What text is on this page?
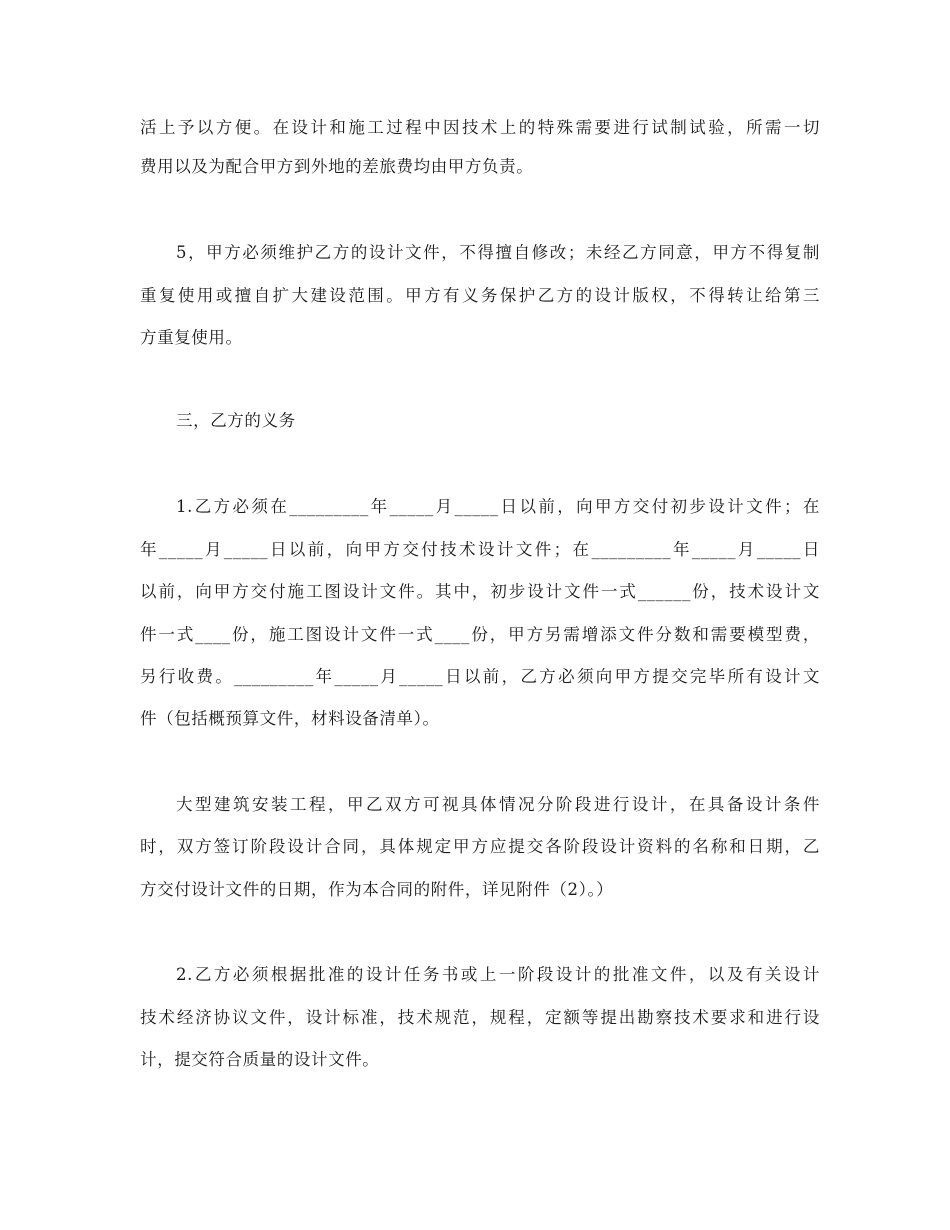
活上予以方便。在设计和施工过程中因技术上的特殊需要进行试制试验，所需一切
费用以及为配合甲方到外地的差旅费均由甲方负责。
5，甲方必须维护乙方的设计文件，不得擅自修改；未经乙方同意，甲方不得复制
重复使用或擅自扩大建设范围。甲方有义务保护乙方的设计版权，不得转让给第三
方重复使用。
三，乙方的义务
1.乙方必须在_________年_____月_____日以前，向甲方交付初步设计文件；在
年_____月_____日以前，向甲方交付技术设计文件；在_________年_____月_____日
以前，向甲方交付施工图设计文件。其中，初步设计文件一式______份，技术设计文
件一式____份，施工图设计文件一式____份，甲方另需增添文件分数和需要模型费，
另行收费。_________年_____月_____日以前，乙方必须向甲方提交完毕所有设计文
件（包括概预算文件，材料设备清单）。
大型建筑安装工程，甲乙双方可视具体情况分阶段进行设计，在具备设计条件
时，双方签订阶段设计合同，具体规定甲方应提交各阶段设计资料的名称和日期，乙
方交付设计文件的日期，作为本合同的附件，详见附件（2）。）
2.乙方必须根据批准的设计任务书或上一阶段设计的批准文件，以及有关设计
技术经济协议文件，设计标准，技术规范，规程，定额等提出勘察技术要求和进行设
计，提交符合质量的设计文件。
